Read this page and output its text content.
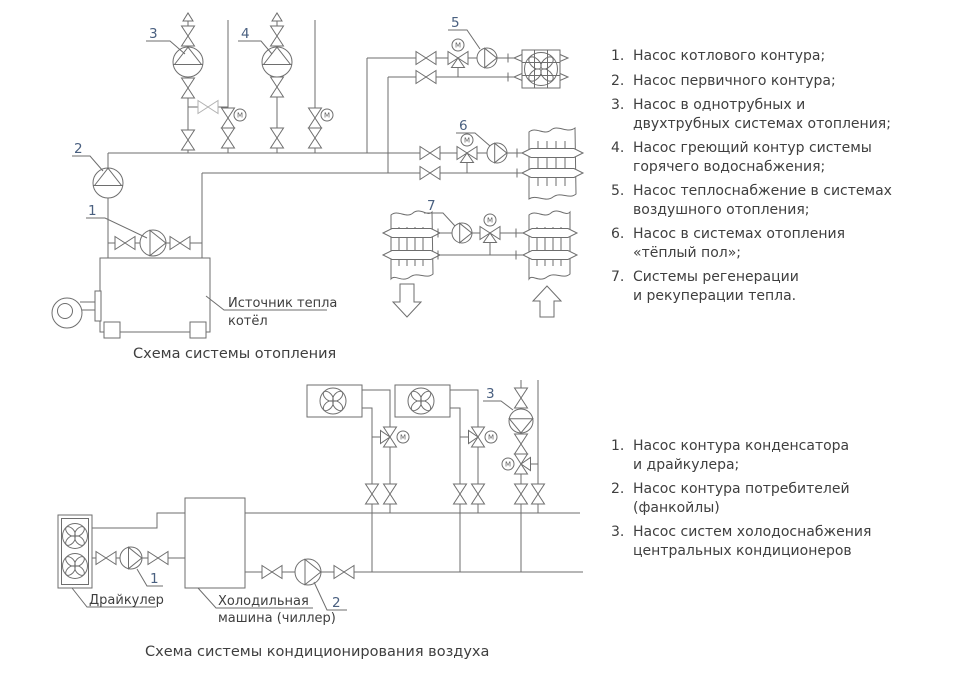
M	M
M
M
M
3	4
2
1
5
6
7
Источник тепла
котёл
M	M
M
1
2
3
Драйкулер	Холодильная
машина (чиллер)
Схема системы отопления
Схема системы кондиционирования воздуха
1. Насос котлового контура;
2. Насос первичного контура;
3. Насос в однотрубных и
двухтрубных системах отопления;
4. Насос греющий контур системы
горячего водоснабжения;
5. Насос теплоснабжение в системах
воздушного отопления;
6. Насос в системах отопления
«тёплый пол»;
7. Системы регенерации
и рекуперации тепла.
1. Насос контура конденсатора
и драйкулера;
2. Насос контура потребителей
(фанкойлы)
3. Насос систем холодоснабжения
центральных кондиционеров
